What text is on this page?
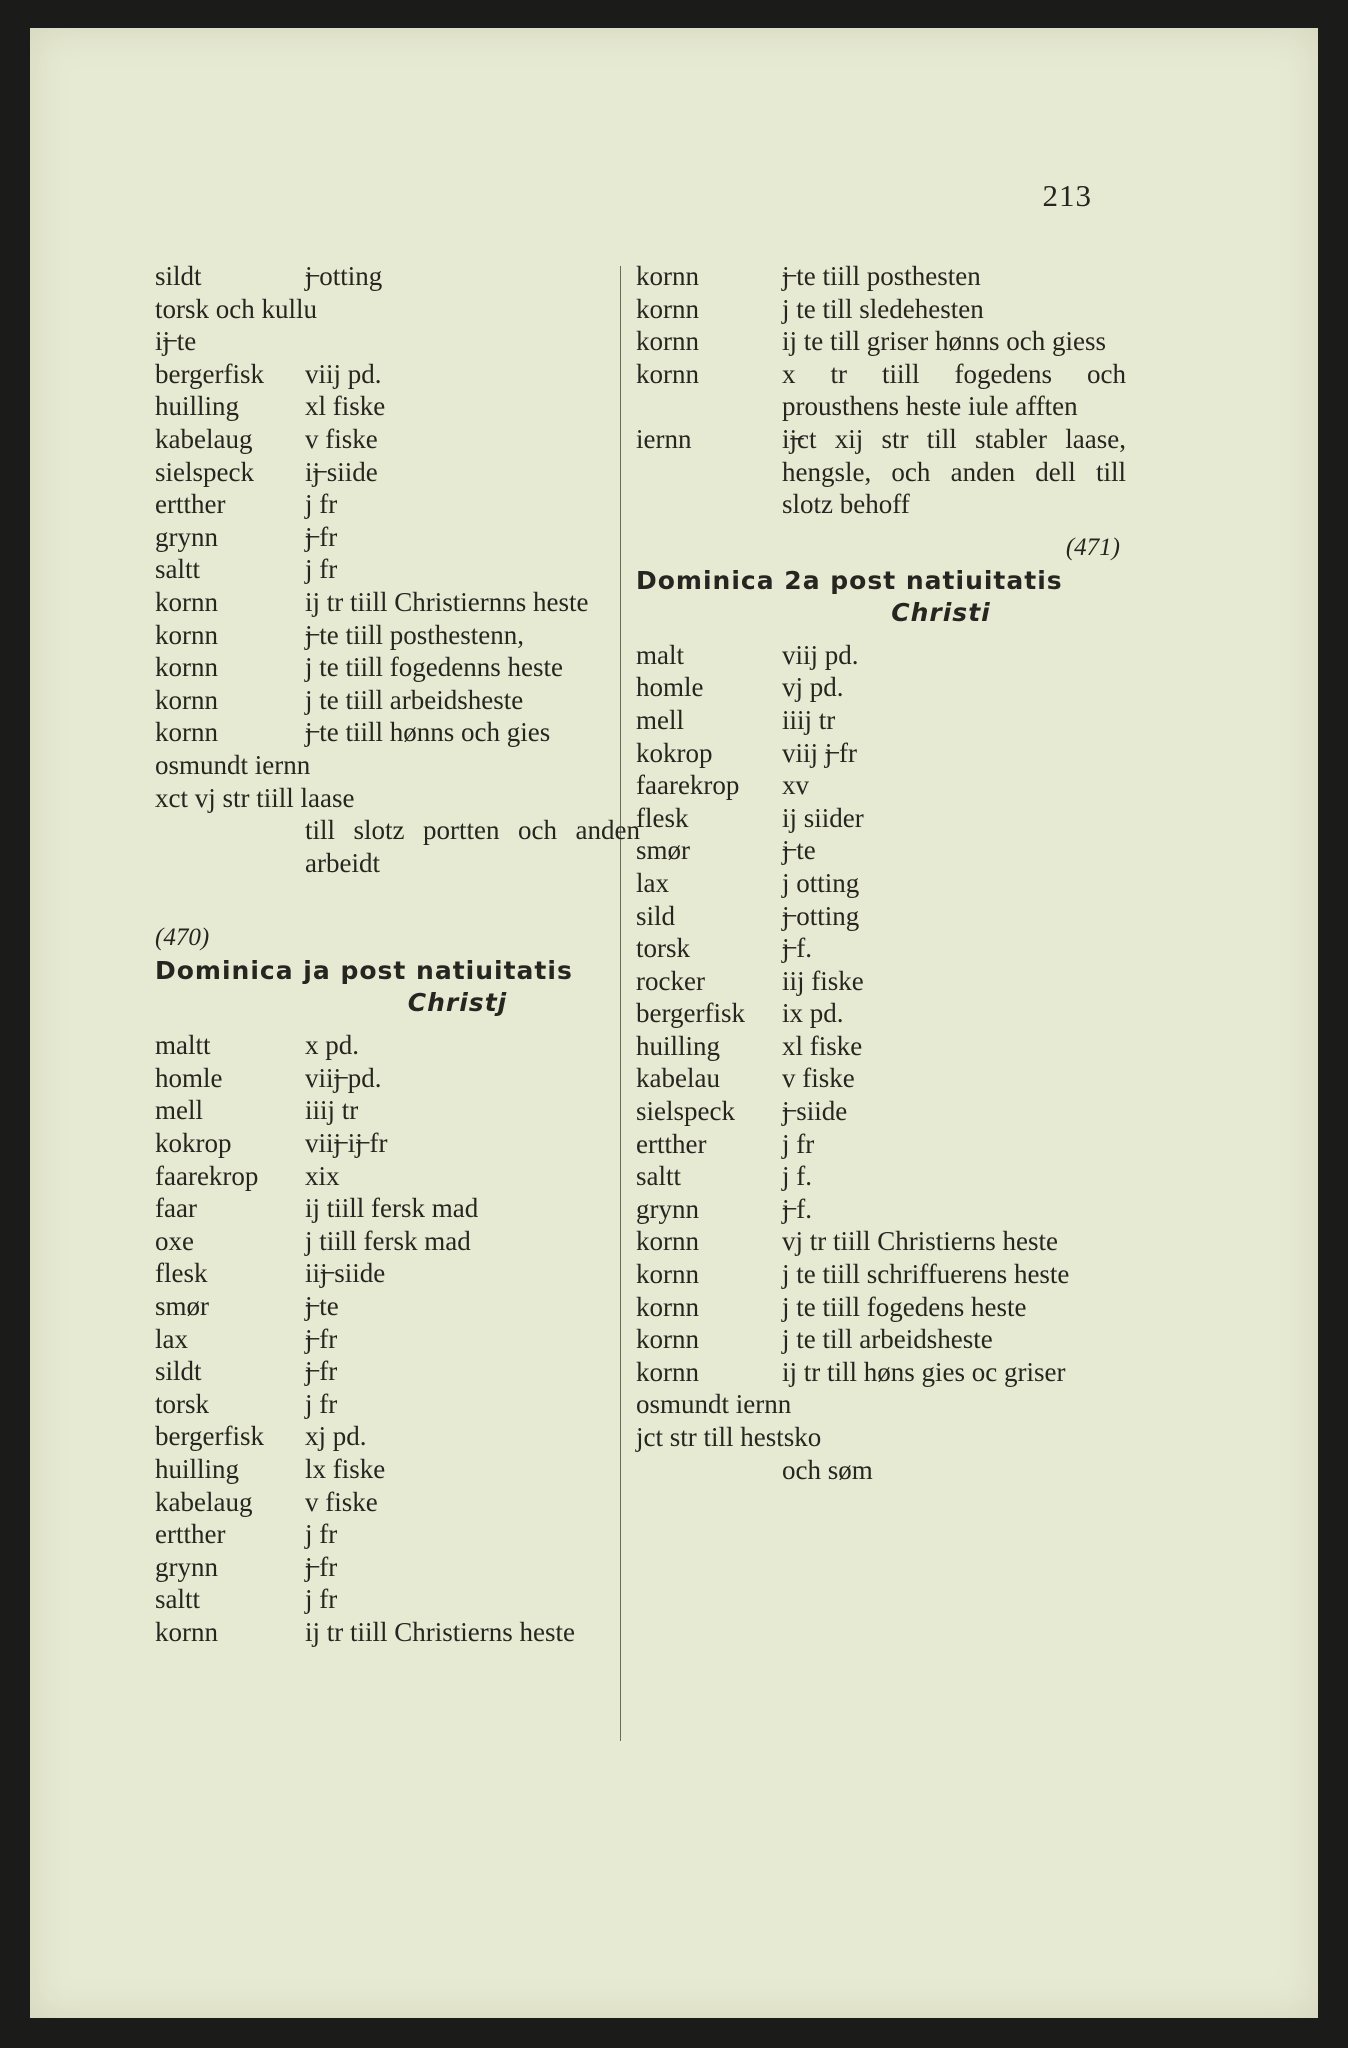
213
sildt	j̶ otting
torsk och kullu
ij̶ te
bergerfisk	viij pd.
huilling	xl fiske
kabelaug	v fiske
sielspeck	ij̶ siide
ertther	j fr
grynn	j̶ fr
saltt	j fr
kornn	ij tr tiill Christiernns heste
kornn	j̶ te tiill posthestenn,
kornn	j te tiill fogedenns heste
kornn	j te tiill arbeidsheste
kornn	j̶ te tiill hønns och gies
osmundt iernn
xct vj str tiill laase
till slotz portten och anden arbeidt
(470)
Dominica ja post natiuitatis
Christj
maltt	x pd.
homle	viij̶ pd.
mell	iiij tr
kokrop	viij̶ ij̶ fr
faarekrop	xix
faar	ij tiill fersk mad
oxe	j tiill fersk mad
flesk	iij̶ siide
smør	j̶ te
lax	j̶ fr
sildt	j̶ fr
torsk	j fr
bergerfisk	xj pd.
huilling	lx fiske
kabelaug	v fiske
ertther	j fr
grynn	j̶ fr
saltt	j fr
kornn	ij tr tiill Christierns heste
kornn	j̶ te tiill posthesten
kornn	j te till sledehesten
kornn	ij te till griser hønns och giess
kornn	x tr tiill fogedens och prousthens heste iule afften
iernn	ij̶ct xij str till stabler laase, hengsle, och anden dell till slotz behoff
(471)
Dominica 2a post natiuitatis
Christi
malt	viij pd.
homle	vj pd.
mell	iiij tr
kokrop	viij j̶ fr
faarekrop	xv
flesk	ij siider
smør	j̶ te
lax	j otting
sild	j̶ otting
torsk	j̶ f.
rocker	iij fiske
bergerfisk	ix pd.
huilling	xl fiske
kabelau	v fiske
sielspeck	j̶ siide
ertther	j fr
saltt	j f.
grynn	j̶ f.
kornn	vj tr tiill Christierns heste
kornn	j te tiill schriffuerens heste
kornn	j te tiill fogedens heste
kornn	j te till arbeidsheste
kornn	ij tr till høns gies oc griser
osmundt iernn
jct str till hestsko
och søm
